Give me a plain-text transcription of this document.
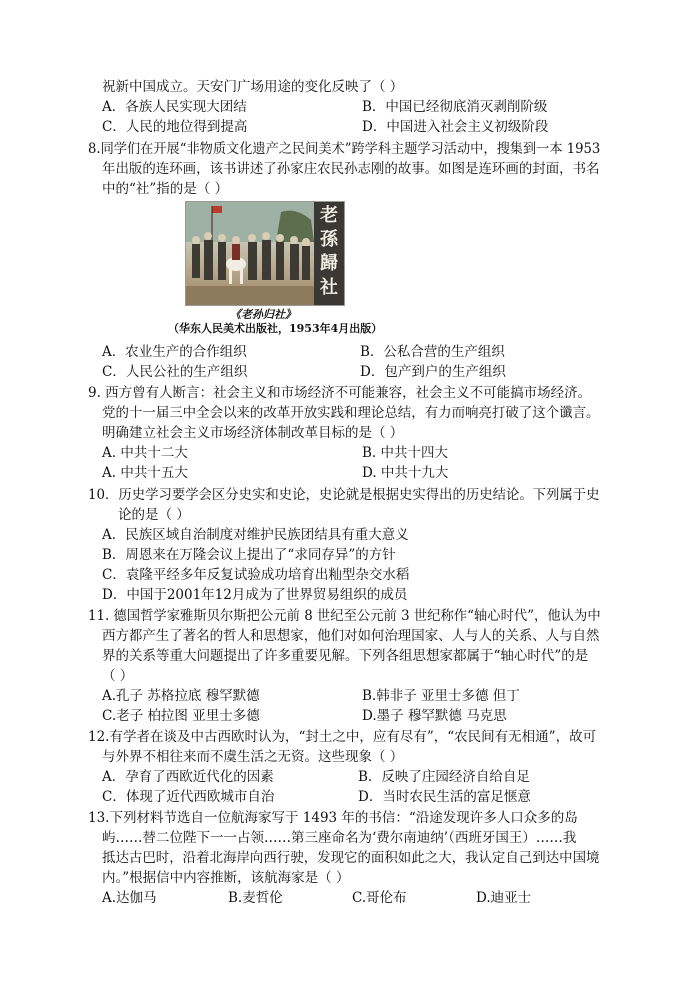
祝新中国成立。天安门广场用途的变化反映了（ ）
A．各族人民实现大团结	B．中国已经彻底消灭剥削阶级
C．人民的地位得到提高	D．中国进入社会主义初级阶段
8.同学们在开展“非物质文化遗产之民间美术”跨学科主题学习活动中，搜集到一本 1953
年出版的连环画，该书讲述了孙家庄农民孙志刚的故事。如图是连环画的封面，书名
中的“社”指的是（ ）
老
孫
歸
社
《老孙归社》
（华东人民美术出版社，1953年4月出版）
A．农业生产的合作组织	B．公私合营的生产组织
C．人民公社的生产组织	D．包产到户的生产组织
9. 西方曾有人断言：社会主义和市场经济不可能兼容，社会主义不可能搞市场经济。
党的十一届三中全会以来的改革开放实践和理论总结，有力而响亮打破了这个谶言。
明确建立社会主义市场经济体制改革目标的是（ ）
A. 中共十二大	B. 中共十四大
A. 中共十五大	D. 中共十九大
10．历史学习要学会区分史实和史论，史论就是根据史实得出的历史结论。下列属于史
论的是（ ）
A．民族区域自治制度对维护民族团结具有重大意义
B．周恩来在万隆会议上提出了“求同存异”的方针
C．袁隆平经多年反复试验成功培育出籼型杂交水稻
D．中国于2001年12月成为了世界贸易组织的成员
11. 德国哲学家雅斯贝尔斯把公元前 8 世纪至公元前 3 世纪称作“轴心时代”，他认为中
西方都产生了著名的哲人和思想家，他们对如何治理国家、人与人的关系、人与自然
界的关系等重大问题提出了许多重要见解。下列各组思想家都属于“轴心时代”的是
（ ）
A.孔子 苏格拉底 穆罕默德	B.韩非子 亚里士多德 但丁
C.老子 柏拉图 亚里士多德	D.墨子 穆罕默德 马克思
12.有学者在谈及中古西欧时认为，“封土之中，应有尽有”，“农民间有无相通”，故可
与外界不相往来而不虞生活之无资。这些现象（ ）
A．孕育了西欧近代化的因素	B．反映了庄园经济自给自足
C．体现了近代西欧城市自治	D．当时农民生活的富足惬意
13.下列材料节选自一位航海家写于 1493 年的书信：“沿途发现许多人口众多的岛
屿……替二位陛下一一占领……第三座命名为‘费尔南迪纳’（西班牙国王）……我
抵达古巴时，沿着北海岸向西行驶，发现它的面积如此之大，我认定自己到达中国境
内。”根据信中内容推断，该航海家是（ ）
A.达伽马	B.麦哲伦	C.哥伦布	D.迪亚士
